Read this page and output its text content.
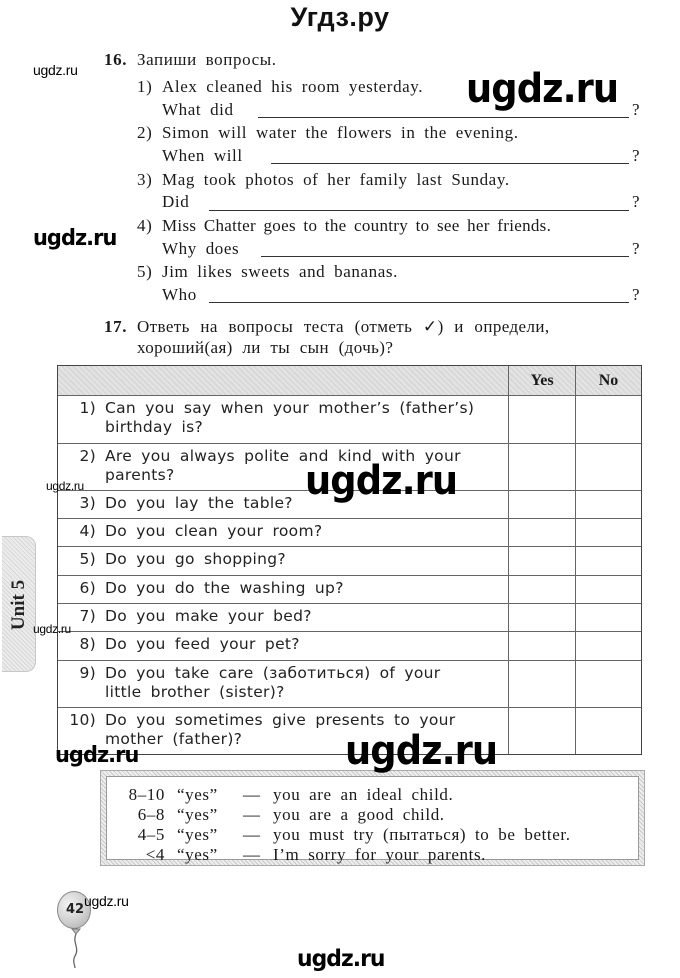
Угдз.ру
16. Запиши вопросы.
1) Alex cleaned his room yesterday.
What did	?
2) Simon will water the flowers in the evening.
When will	?
3) Mag took photos of her family last Sunday.
Did	?
4) Miss Chatter goes to the country to see her friends.
Why does	?
5) Jim likes sweets and bananas.
Who	?
17. Ответь на вопросы теста (отметь ✓) и определи,
хороший(ая) ли ты сын (дочь)?
Yes	No
1) Can you say when your mother’s (father’s) birthday is?
2) Are you always polite and kind with your parents?
3) Do you lay the table?
4) Do you clean your room?
5) Do you go shopping?
6) Do you do the washing up?
7) Do you make your bed?
8) Do you feed your pet?
9) Do you take care (заботиться) of your little brother (sister)?
10) Do you sometimes give presents to your mother (father)?
8–10 “yes” — you are an ideal child.
6–8 “yes” — you are a good child.
4–5 “yes” — you must try (пытаться) to be better.
<4 “yes” — I’m sorry for your parents.
Unit 5
42
ugdz.ru	ugdz.ru
ugdz.ru
ugdz.ru	ugdz.ru
ugdz.ru
ugdz.ru	ugdz.ru
ugdz.ru
ugdz.ru
